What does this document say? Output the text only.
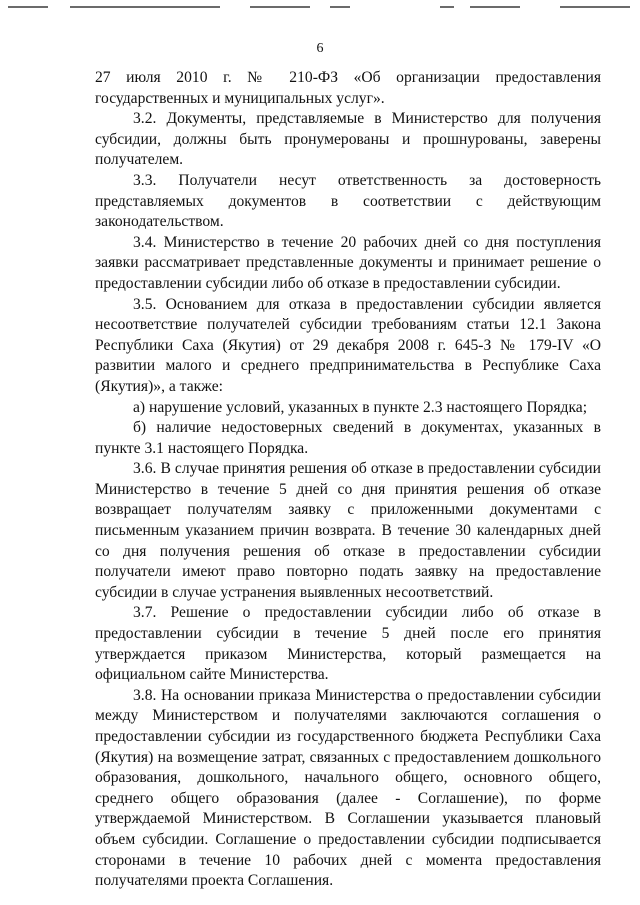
6

27 июля 2010 г. № 210-ФЗ «Об организации предоставления государственных и муниципальных услуг».

3.2. Документы, представляемые в Министерство для получения субсидии, должны быть пронумерованы и прошнурованы, заверены получателем.

3.3. Получатели несут ответственность за достоверность представляемых документов в соответствии с действующим законодательством.

3.4. Министерство в течение 20 рабочих дней со дня поступления заявки рассматривает представленные документы и принимает решение о предоставлении субсидии либо об отказе в предоставлении субсидии.

3.5. Основанием для отказа в предоставлении субсидии является несоответствие получателей субсидии требованиям статьи 12.1 Закона Республики Саха (Якутия) от 29 декабря 2008 г. 645-З № 179-IV «О развитии малого и среднего предпринимательства в Республике Саха (Якутия)», а также:

а) нарушение условий, указанных в пункте 2.3 настоящего Порядка;

б) наличие недостоверных сведений в документах, указанных в пункте 3.1 настоящего Порядка.

3.6. В случае принятия решения об отказе в предоставлении субсидии Министерство в течение 5 дней со дня принятия решения об отказе возвращает получателям заявку с приложенными документами с письменным указанием причин возврата. В течение 30 календарных дней со дня получения решения об отказе в предоставлении субсидии получатели имеют право повторно подать заявку на предоставление субсидии в случае устранения выявленных несоответствий.

3.7. Решение о предоставлении субсидии либо об отказе в предоставлении субсидии в течение 5 дней после его принятия утверждается приказом Министерства, который размещается на официальном сайте Министерства.

3.8. На основании приказа Министерства о предоставлении субсидии между Министерством и получателями заключаются соглашения о предоставлении субсидии из государственного бюджета Республики Саха (Якутия) на возмещение затрат, связанных с предоставлением дошкольного образования, дошкольного, начального общего, основного общего, среднего общего образования (далее - Соглашение), по форме утверждаемой Министерством. В Соглашении указывается плановый объем субсидии. Соглашение о предоставлении субсидии подписывается сторонами в течение 10 рабочих дней с момента предоставления получателями проекта Соглашения.
